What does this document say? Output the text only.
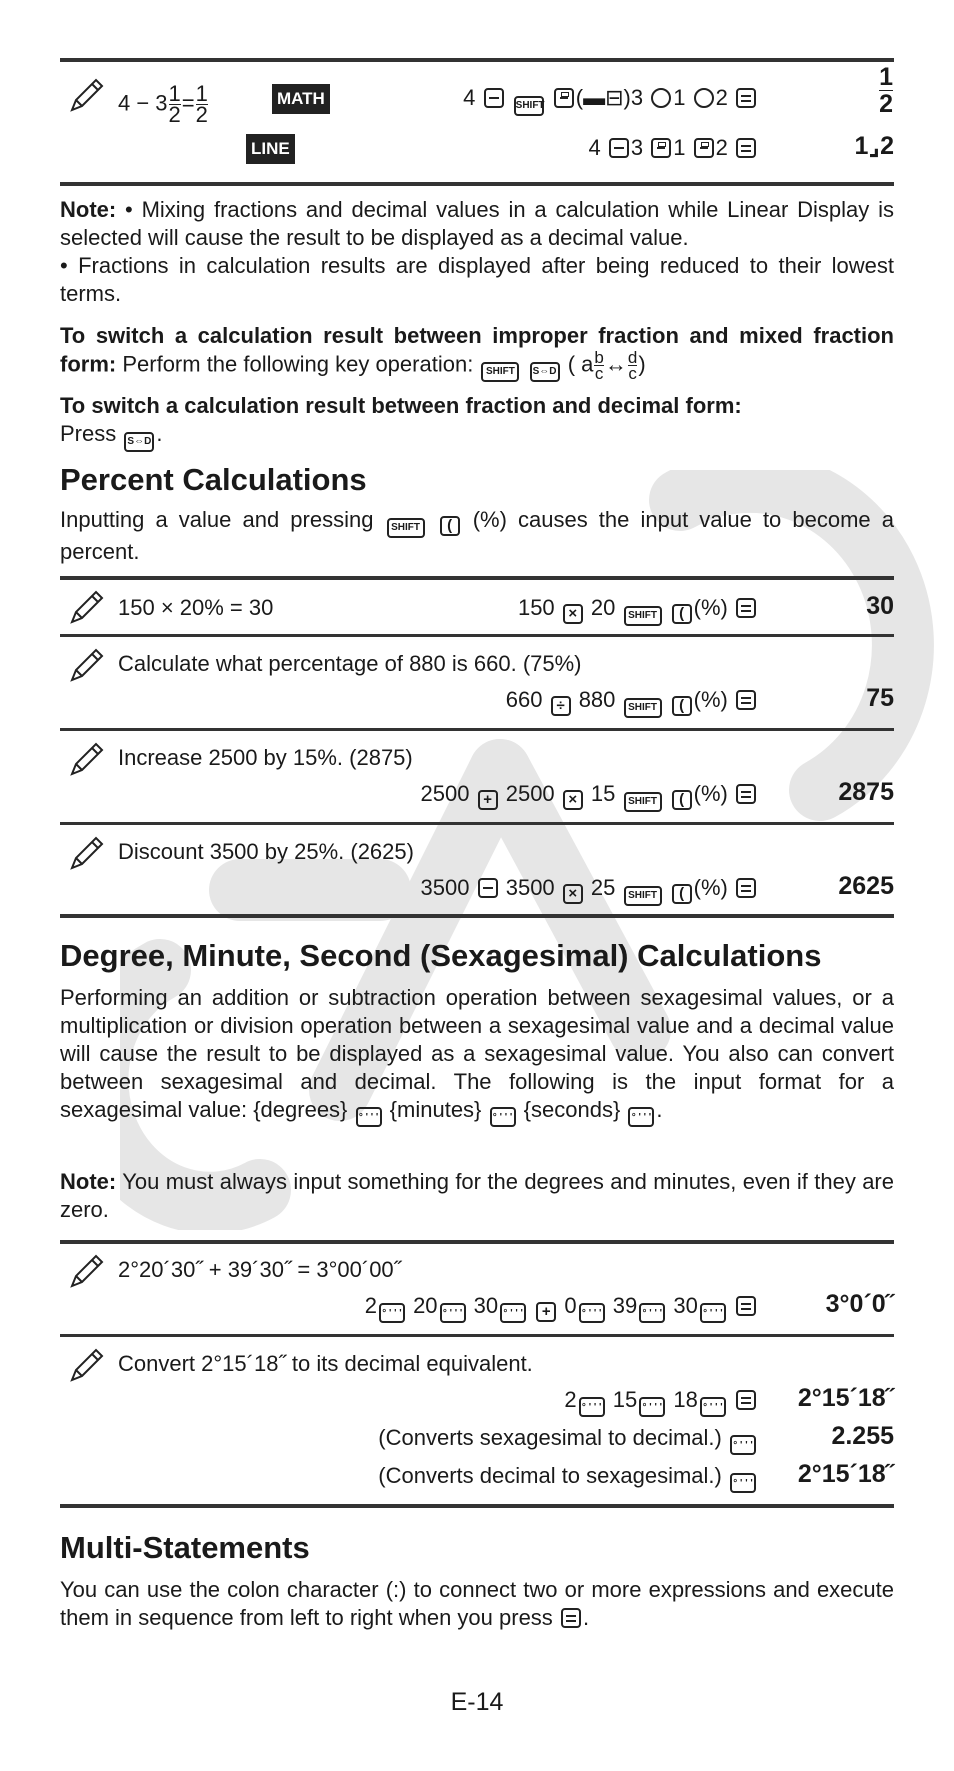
$4 - 3 \frac{1}{2} = \frac{1}{2}$	MATH	4	SHIFT (▬⊟)3 1 2	$\frac{1}{2}$
LINE	4 3 1 2	1⌟2
Note: • Mixing fractions and decimal values in a calculation while Linear Display is selected will cause the result to be displayed as a decimal value.
• Fractions in calculation results are displayed after being reduced to their lowest terms.
To switch a calculation result between improper fraction and mixed fraction form: Perform the following key operation: SHIFT S⇔D ( a $\frac{b}{c}$ ↔ $\frac{d}{c}$ )
To switch a calculation result between fraction and decimal form:
Press S⇔D .
Percent Calculations
Inputting a value and pressing SHIFT ( (%) causes the input value to become a percent.
150 × 20% = 30	150 × 20 SHIFT ( (%)	30
Calculate what percentage of 880 is 660. (75%)
660 ÷ 880 SHIFT ( (%)	75
Increase 2500 by 15%. (2875)
2500 + 2500 × 15 SHIFT ( (%)	2875
Discount 3500 by 25%. (2625)
3500 3500 × 25 SHIFT ( (%)	2625
Degree, Minute, Second (Sexagesimal) Calculations
Performing an addition or subtraction operation between sexagesimal values, or a multiplication or division operation between a sexagesimal value and a decimal value will cause the result to be displayed as a sexagesimal value. You also can convert between sexagesimal and decimal. The following is the input format for a sexagesimal value: {degrees} ° ' ' ' {minutes} ° ' ' ' {seconds} ° ' ' ' .
Note: You must always input something for the degrees and minutes, even if they are zero.
2°20´30˝ + 39´30˝ = 3°00´00˝
2 ° ' ' ' 20 ° ' ' ' 30 ° ' ' ' + 0 ° ' ' ' 39 ° ' ' ' 30 ° ' ' '	3°0´0˝
Convert 2°15´18˝ to its decimal equivalent.
2 ° ' ' ' 15 ° ' ' ' 18 ° ' ' '	2°15´18˝
(Converts sexagesimal to decimal.) ° ' ' '	2.255
(Converts decimal to sexagesimal.) ° ' ' ' 2°15´18˝
Multi-Statements
You can use the colon character (:) to connect two or more expressions and execute them in sequence from left to right when you press .
E-14
